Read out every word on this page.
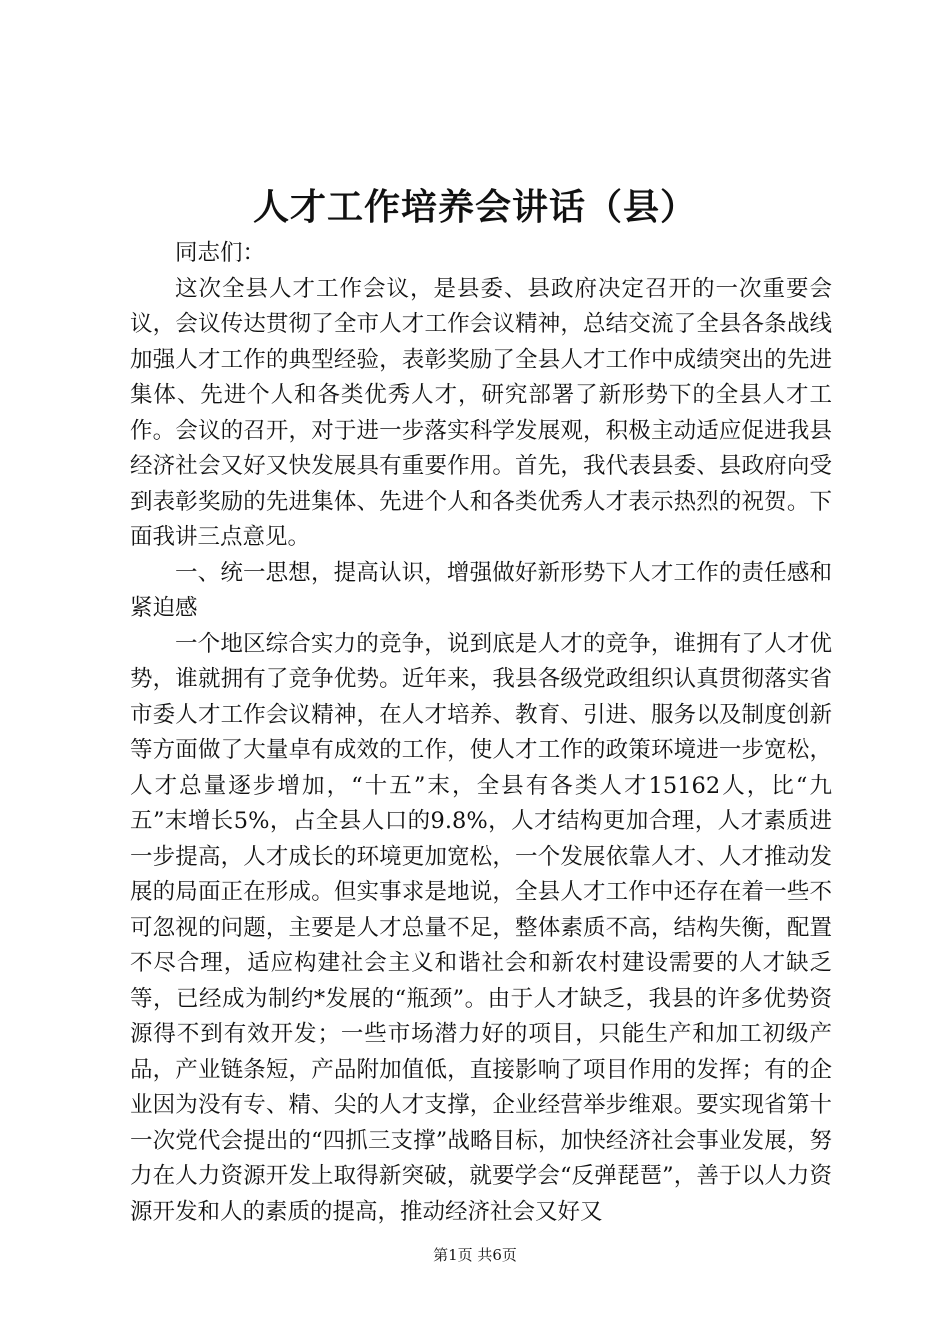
人才工作培养会讲话（县）

同志们：

这次全县人才工作会议，是县委、县政府决定召开的一次重要会议，会议传达贯彻了全市人才工作会议精神，总结交流了全县各条战线加强人才工作的典型经验，表彰奖励了全县人才工作中成绩突出的先进集体、先进个人和各类优秀人才，研究部署了新形势下的全县人才工作。会议的召开，对于进一步落实科学发展观，积极主动适应促进我县经济社会又好又快发展具有重要作用。首先，我代表县委、县政府向受到表彰奖励的先进集体、先进个人和各类优秀人才表示热烈的祝贺。下面我讲三点意见。

一、统一思想，提高认识，增强做好新形势下人才工作的责任感和紧迫感

一个地区综合实力的竞争，说到底是人才的竞争，谁拥有了人才优势，谁就拥有了竞争优势。近年来，我县各级党政组织认真贯彻落实省市委人才工作会议精神，在人才培养、教育、引进、服务以及制度创新等方面做了大量卓有成效的工作，使人才工作的政策环境进一步宽松，人才总量逐步增加，“十五”末，全县有各类人才15162人，比“九五”末增长5%，占全县人口的9.8%，人才结构更加合理，人才素质进一步提高，人才成长的环境更加宽松，一个发展依靠人才、人才推动发展的局面正在形成。但实事求是地说，全县人才工作中还存在着一些不可忽视的问题，主要是人才总量不足，整体素质不高，结构失衡，配置不尽合理，适应构建社会主义和谐社会和新农村建设需要的人才缺乏等，已经成为制约*发展的“瓶颈”。由于人才缺乏，我县的许多优势资源得不到有效开发；一些市场潜力好的项目，只能生产和加工初级产品，产业链条短，产品附加值低，直接影响了项目作用的发挥；有的企业因为没有专、精、尖的人才支撑，企业经营举步维艰。要实现省第十一次党代会提出的“四抓三支撑”战略目标，加快经济社会事业发展，努力在人力资源开发上取得新突破，就要学会“反弹琵琶”，善于以人力资源开发和人的素质的提高，推动经济社会又好又

第1页 共6页
